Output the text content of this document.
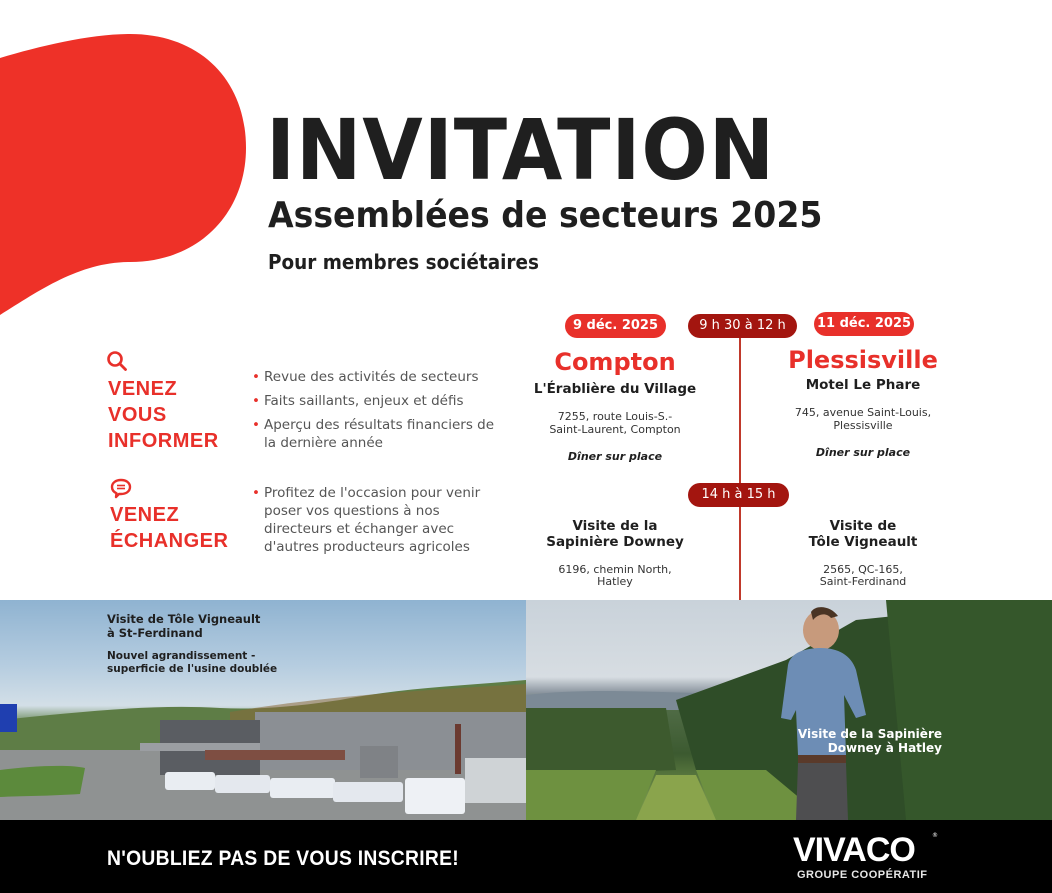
INVITATION
Assemblées de secteurs 2025
Pour membres sociétaires
VENEZ
VOUS
INFORMER
• Revue des activités de secteurs
• Faits saillants, enjeux et défis
• Aperçu des résultats financiers de la dernière année
VENEZ
ÉCHANGER
• Profitez de l'occasion pour venir poser vos questions à nos directeurs et échanger avec d'autres producteurs agricoles
9 déc. 2025	9 h 30 à 12 h	11 déc. 2025
Compton
L'Érablière du Village
7255, route Louis-S.-
Saint-Laurent, Compton
Dîner sur place
Plessisville
Motel Le Phare
745, avenue Saint-Louis,
Plessisville
Dîner sur place
14 h à 15 h
Visite de la
Sapinière Downey
6196, chemin North,
Hatley
Visite de
Tôle Vigneault
2565, QC-165,
Saint-Ferdinand
Visite de Tôle Vigneault
à St-Ferdinand
Nouvel agrandissement -
superficie de l'usine doublée
Visite de la Sapinière
Downey à Hatley
N'OUBLIEZ PAS DE VOUS INSCRIRE!	VIVACO	®
GROUPE COOPÉRATIF
